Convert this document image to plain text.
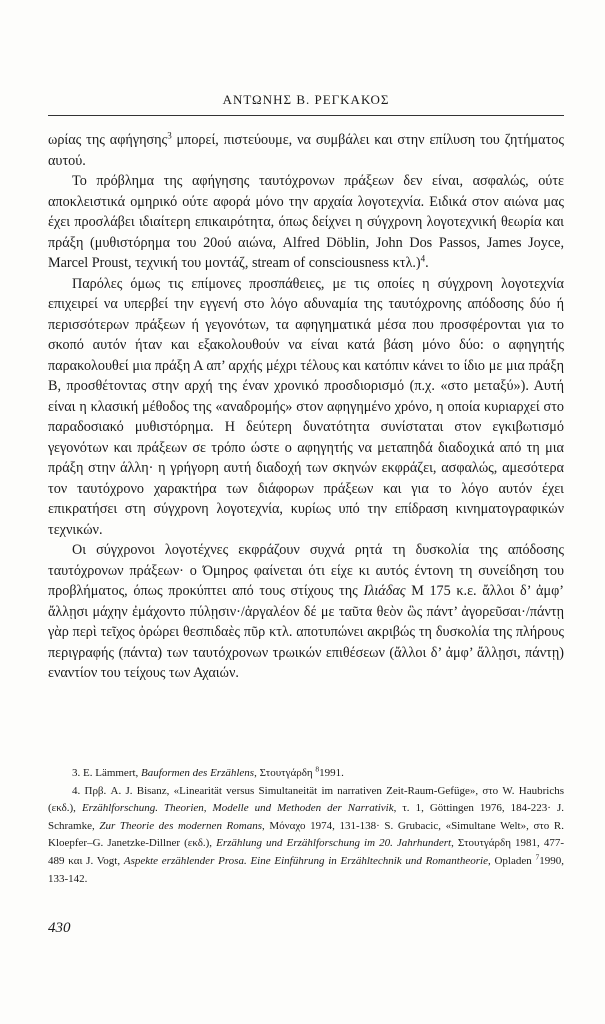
ΑΝΤΩΝΗΣ Β. ΡΕΓΚΑΚΟΣ

ωρίας της αφήγησης$^3$ μπορεί, πιστεύουμε, να συμβάλει και στην επίλυση του ζητήματος αυτού.

Το πρόβλημα της αφήγησης ταυτόχρονων πράξεων δεν είναι, ασφαλώς, ούτε αποκλειστικά ομηρικό ούτε αφορά μόνο την αρχαία λογοτεχνία. Ειδικά στον αιώνα μας έχει προσλάβει ιδιαίτερη επικαιρότητα, όπως δείχνει η σύγχρονη λογοτεχνική θεωρία και πράξη (μυθιστόρημα του 20ού αιώνα, Alfred Döblin, John Dos Passos, James Joyce, Marcel Proust, τεχνική του μοντάζ, stream of consciousness κτλ.)$^4$.

Παρόλες όμως τις επίμονες προσπάθειες, με τις οποίες η σύγχρονη λογοτεχνία επιχειρεί να υπερβεί την εγγενή στο λόγο αδυναμία της ταυτόχρονης απόδοσης δύο ή περισσότερων πράξεων ή γεγονότων, τα αφηγηματικά μέσα που προσφέρονται για το σκοπό αυτόν ήταν και εξακολουθούν να είναι κατά βάση μόνο δύο: ο αφηγητής παρακολουθεί μια πράξη Α απ’ αρχής μέχρι τέλους και κατόπιν κάνει το ίδιο με μια πράξη Β, προσθέτοντας στην αρχή της έναν χρονικό προσδιορισμό (π.χ. «στο μεταξύ»). Αυτή είναι η κλασική μέθοδος της «αναδρομής» στον αφηγημένο χρόνο, η οποία κυριαρχεί στο παραδοσιακό μυθιστόρημα. Η δεύτερη δυνατότητα συνίσταται στον εγκιβωτισμό γεγονότων και πράξεων σε τρόπο ώστε ο αφηγητής να μεταπηδά διαδοχικά από τη μια πράξη στην άλλη· η γρήγορη αυτή διαδοχή των σκηνών εκφράζει, ασφαλώς, αμεσότερα τον ταυτόχρονο χαρακτήρα των διάφορων πράξεων και για το λόγο αυτόν έχει επικρατήσει στη σύγχρονη λογοτεχνία, κυρίως υπό την επίδραση κινηματογραφικών τεχνικών.

Οι σύγχρονοι λογοτέχνες εκφράζουν συχνά ρητά τη δυσκολία της απόδοσης ταυτόχρονων πράξεων· ο Όμηρος φαίνεται ότι είχε κι αυτός έντονη τη συνείδηση του προβλήματος, όπως προκύπτει από τους στίχους της Ιλιάδας Μ 175 κ.ε. ἄλλοι δ’ ἀμφ’ ἄλλῃσι μάχην ἐμάχοντο πύλῃσιν·/ἀργαλέον δέ με ταῦτα θεὸν ὣς πάντ’ ἀγορεῦσαι·/πάντῃ γὰρ περὶ τεῖχος ὀρώρει θεσπιδαὲς πῦρ κτλ. αποτυπώνει ακριβώς τη δυσκολία της πλήρους περιγραφής (πάντα) των ταυτόχρονων τρωικών επιθέσεων (ἄλλοι δ’ ἀμφ’ ἄλλῃσι, πάντῃ) εναντίον του τείχους των Αχαιών.

3. E. Lämmert, Bauformen des Erzählens, Στουτγάρδη $^8$1991.

4. Πρβ. A. J. Bisanz, «Linearität versus Simultaneität im narrativen Zeit-Raum-Gefüge», στο W. Haubrichs (εκδ.), Erzählforschung. Theorien, Modelle und Methoden der Narrativik, τ. 1, Göttingen 1976, 184-223· J. Schramke, Zur Theorie des modernen Romans, Μόναχο 1974, 131-138· S. Grubacic, «Simultane Welt», στο R. Kloepfer–G. Janetzke-Dillner (εκδ.), Erzählung und Erzählforschung im 20. Jahrhundert, Στουτγάρδη 1981, 477-489 και J. Vogt, Aspekte erzählender Prosa. Eine Einführung in Erzähltechnik und Romantheorie, Opladen $^7$1990, 133-142.

430
